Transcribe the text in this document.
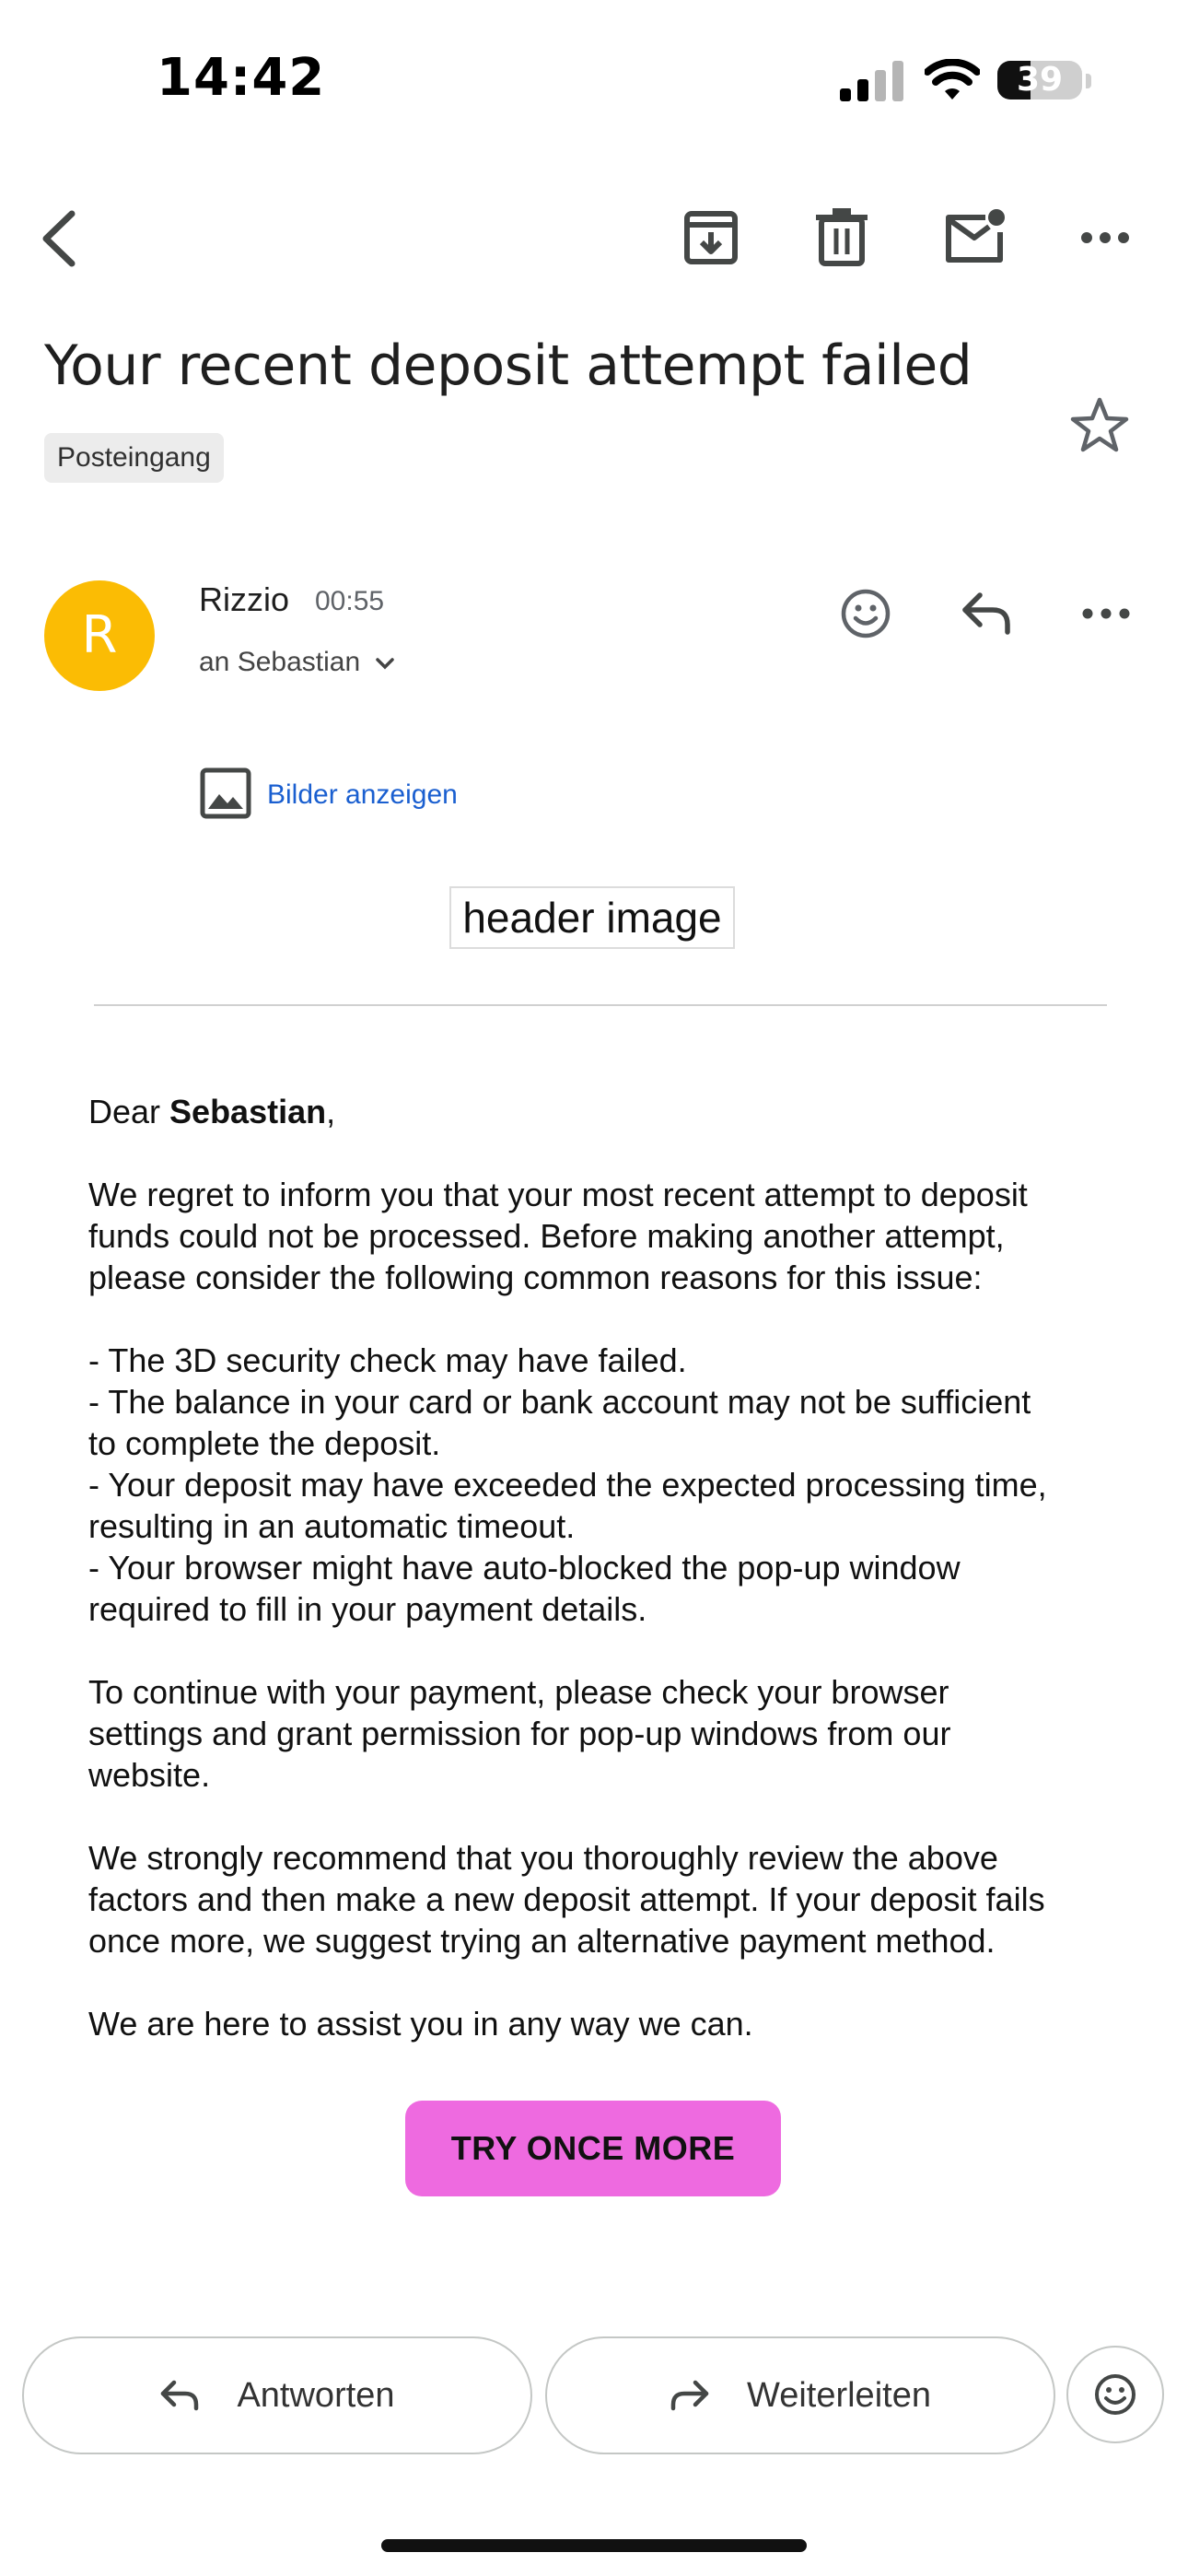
14:42	39
Your recent deposit attempt failed
Posteingang
R
Rizzio 00:55
an Sebastian
Bilder anzeigen
header image

Dear Sebastian,

We regret to inform you that your most recent attempt to deposit

funds could not be processed. Before making another attempt,

please consider the following common reasons for this issue:

- The 3D security check may have failed.

- The balance in your card or bank account may not be sufficient

to complete the deposit.

- Your deposit may have exceeded the expected processing time,

resulting in an automatic timeout.

- Your browser might have auto-blocked the pop-up window

required to fill in your payment details.

To continue with your payment, please check your browser

settings and grant permission for pop-up windows from our

website.

We strongly recommend that you thoroughly review the above

factors and then make a new deposit attempt. If your deposit fails

once more, we suggest trying an alternative payment method.

We are here to assist you in any way we can.

TRY ONCE MORE
Antworten	Weiterleiten
